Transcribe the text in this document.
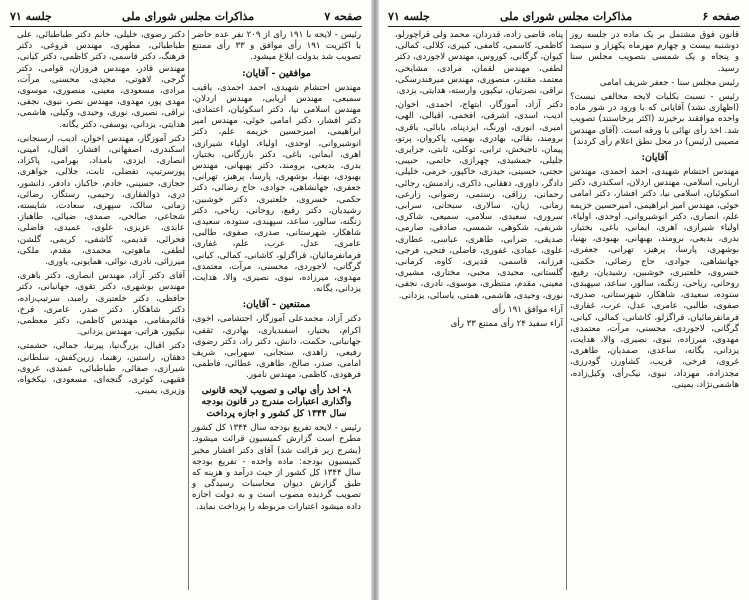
صفحه ۷
مذاکرات مجلس شورای ملی
جلسه ۷۱

رئیس - لایحه با ۱۹۱ رأی از ۲۰۹ نفر عده حاضر با اکثریت ۱۹۱ رأی موافق و ۳۳ رأی ممتنع تصویب شد بدولت ابلاغ میشود.

موافقین - آقایان:

مهندس احتشام شهیدی، احمد احمدی، باقیب سمیعی، مهندس اربابی، مهندس اردلان، مهندس اسلامی نیا، دکتر اسکوئیان، اعتمادی، دکتر افشار، دکتر امامی خوئی، مهندس امیر ابراهیمی، امیرحسین خزیمه علم، دکتر انوشیروانی، اوحدی، اولیاء، اولیاء شیرازی، اهری، ایمانی، باغی، دکتر بازرگانی، بختیار، بدری، بدیعی، برومند، دکتر بهبهانی، مهندس بهبودی، بهنیا، بوشهری، پارسا، پرهیز، تهرانی، جعفری، جهانشاهی، جوادی، حاج رضائی، دکتر حکمی، خسروی، خلعتبری، دکتر خوشبین، رشیدیان، دکتر رفیع، روحانی، ریاحی، دکتر زنگنه، سالور، ساعد، سپهبدی، ستوده، سعیدی، شاهکار، شهرستانی، صدری، صفوی، طالبی، عامری، عدل، عرب، علم، غفاری، فرمانفرمائیان، قراگزلو، کاشانی، کمالی، کیانی، گرگانی، لاجوردی، محسنی، مرآت، معتمدی، مهدوی، میرزاده، نبوی، نصیری، والا، هدایت، یزدانی، یگانه.

ممتنعین - آقایان:

دکتر آزاد، محمدعلی آموزگار، احتشامی، اخوی، اکرام، بختیار، اسفندیاری، بهادری، ثقفی، جهانبانی، حکمت، دانش، دکتر راد، دکتر رضوی، رفیعی، زاهدی، سنجابی، سهرابی، شریف امامی، صدر، صالح، طاهری، عطائی، فاطمی، فرهودی، کاظمی، مهندس نامور.

۸- اخذ رأی نهائی و تصویب لایحه قانونی واگذاری اعتبارات مندرج در قانون بودجه سال ۱۳۴۴ کل کشور و اجازه پرداخت

رئیس - لایحه تفریغ بودجه سال ۱۳۴۴ کل کشور مطرح است گزارش کمیسیون قرائت میشود. (بشرح زیر قرائت شد) آقای دکتر افشار مخبر کمیسیون بودجه: ماده واحده - تفریغ بودجه سال ۱۳۴۴ کل کشور از حیث درآمد و هزینه که طبق گزارش دیوان محاسبات رسیدگی و تصویب گردیده مصوب است و به دولت اجازه داده میشود اعتبارات مربوطه را پرداخت نماید.

دکتر رضوی، خلیلی، خانم دکتر طباطبائی، علی طباطبائی، مطهری، مهندس فروغی، دکتر فرهنگ، دکتر قاسمی، دکتر کاظمی، دکتر کیانی، مهندس قادر، مهندس فروزان، قوامی، دکتر گرجی، لاهوتی، مجیدی، محسنی، مرآت، مرادی، مسعودی، معینی، منصوری، موسوی، مهدی پور، مهدوی، مهندس نصر، نبوی، نجفی، نراقی، نصیری، نوری، وحیدی، وکیلی، هاشمی، هدایتی، یزدانی، یوسفی، دکتر یگانه.

دکتر آموزگار، مهندس اخوان، ادیب، ارسنجانی، اسکندری، اصفهانی، افشار، اقبال، امینی، انصاری، ایزدی، بامداد، بهرامی، پاکزاد، پورسرتیپ، تفضلی، ثابت، جلالی، جواهری، حجازی، حسینی، خادم، خاکباز، دادفر، دانشور، دری، ذوالفقاری، رحیمی، رستگار، رضائی، زمانی، سالک، سپهری، سعادت، شایسته، شجاعی، صالحی، صمدی، ضیائی، طاهباز، عابدی، عزیزی، علوی، عمیدی، فاضلی، فخرائی، قدیمی، کاشفی، کریمی، گلشن، لطفی، ماهوتی، محمدی، مقدم، ملکی، میرزائی، نادری، نوائی، همایونی، یاوری.

آقای دکتر آزاد، مهندس انصاری، دکتر باهری، مهندس بوشهری، دکتر تقوی، جهانبانی، دکتر حافظی، دکتر خلعتبری، رامبد، سرتیپ‌زاده، دکتر شاهکار، دکتر صدر، عامری، فرخ، قائم‌مقامی، مهندس کاظمی، دکتر معظمی، نیکپور، هراتی، مهندس یزدانی.

دکتر اقبال، بزرگ‌نیا، پیرنیا، جمالی، حشمتی، دهقان، راستین، رهنما، زرین‌کفش، سلطانی، شیرازی، صفائی، طباطبائی، عمیدی، غروی، فقیهی، کوثری، گنجه‌ای، مسعودی، نیکخواه، وزیری، یمینی.

صفحه ۶
مذاکرات مجلس شورای ملی
جلسه ۷۱

قانون فوق مشتمل بر یک ماده در جلسه روز دوشنبه بیست و چهارم مهرماه یکهزار و سیصد و پنجاه و یک شمسی بتصویب مجلس سنا رسید.

رئیس مجلس سنا - جعفر شریف امامی

رئیس - نسبت بکلیات لایحه مخالفی نیست؟ (اظهاری نشد) آقایانی که با ورود در شور ماده واحده موافقند برخیزند (اکثر برخاستند) تصویب شد. اخذ رأی نهائی با ورقه است. (آقای مهندس مصیبی (رئیس) در محل نطق اعلام رأی کردند)

آقایان:

مهندس احتشام شهیدی، احمد احمدی، مهندس اربابی، اسلامی، مهندس اردلان، اسکندری، دکتر اسکوئیان، اسلامی نیا، دکتر افشار، دکتر امامی خوئی، مهندس امیر ابراهیمی، امیرحسین خزیمه علم، انصاری، دکتر انوشیروانی، اوحدی، اولیاء، اولیاء شیرازی، اهری، ایمانی، باغی، بختیار، بدری، بدیعی، برومند، بهبهانی، بهبودی، بهنیا، بوشهری، پارسا، پرهیز، تهرانی، جعفری، جهانشاهی، جوادی، حاج رضائی، حکمی، خسروی، خلعتبری، خوشبین، رشیدیان، رفیع، روحانی، ریاحی، زنگنه، سالور، ساعد، سپهبدی، ستوده، سعیدی، شاهکار، شهرستانی، صدری، صفوی، طالبی، عامری، عدل، عرب، غفاری، فرمانفرمائیان، قراگزلو، کاشانی، کمالی، کیانی، گرگانی، لاجوردی، محسنی، مرآت، معتمدی، مهدوی، میرزاده، نبوی، نصیری، والا، هدایت، یزدانی، یگانه، ساعدی، صمدیان، طاهری، غروی، فرخی، قریب، کشاورز، گودرزی، مجدزاده، مهرداد، نبوی، نیک‌رأی، وکیل‌زاده، هاشمی‌نژاد، یمینی.

پناه، قاضی زاده، قدردان، محمد ولی قراچورلو، کاظمی، کاسمی، کامفی، کبیری، کلالی، کمالی، کیوان، گرگانی، کوروس، مهندس لاجوردی، دکتر لطفی، مهندس لقمان، مرادی، مشایخی، معتمد، مقتدر، منصوری، مهندس میرفندرسکی، نراقی، نصرتیان، نیکپور، وارسته، هدایتی، یزدی.

دکتر آزاد، آموزگار، ابتهاج، احمدی، اخوان، ادیب، اسدی، اشرفی، افخمی، اقبالی، الهی، امیری، انوری، اورنگ، ایزدپناه، بابائی، باقری، برومند، بقائی، بهادری، بهمنی، پاکروان، پرتو، پیمان، تاجبخش، ترابی، توکلی، ثابتی، جزایری، جلیلی، جمشیدی، چهرازی، حاتمی، حبیبی، حجتی، حسینی، حیدری، خاکپور، خرمی، خلیلی، دادگر، داوری، دهقانی، ذاکری، رادمنش، رجائی، رحمانی، رزاقی، رستمی، رضوانی، زارعی، زمانی، ژیان، سالاری، سبحانی، سرابی، سروری، سعیدی، سلامی، سمیعی، شاکری، شریفی، شکوهی، شمسی، صادقی، صارمی، صدیقی، ضرابی، طاهری، عباسی، عطاری، علوی، عمادی، غفوری، فاضلی، فتحی، فرجی، فرزانه، قاسمی، قدیری، کاوه، کرمانی، گلستانی، مجیدی، محبی، مختاری، مشیری، معینی، مقدم، منتظری، موسوی، نادری، نجفی، نوری، وحیدی، هاشمی، همتی، یاسائی، یزدانی.

آراء موافق ۱۹۱ رأی

آراء سفید ۲۴ رأی ممتنع ۳۳ رأی
